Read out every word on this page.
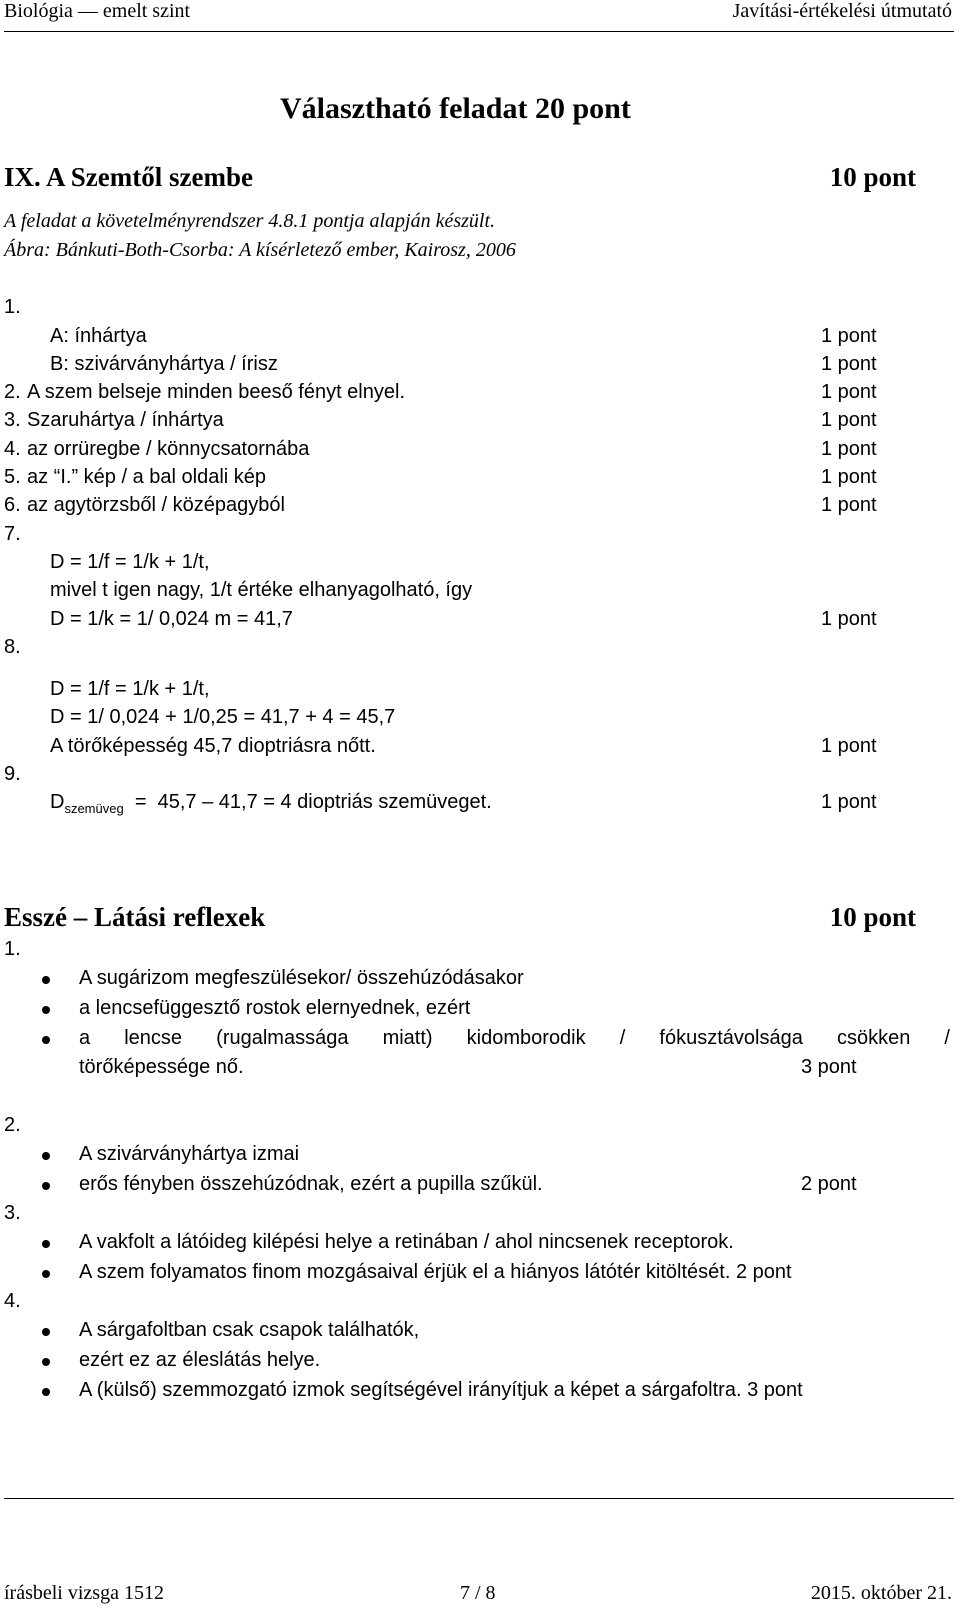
Biológia — emelt szint	Javítási-értékelési útmutató
Választható feladat 20 pont
IX. A Szemtől szembe	10 pont
A feladat a követelményrendszer 4.8.1 pontja alapján készült.
Ábra: Bánkuti-Both-Csorba: A kísérletező ember, Kairosz, 2006
1.
A: ínhártya	1 pont
B: szivárványhártya / írisz	1 pont
2. A szem belseje minden beeső fényt elnyel.	1 pont
3. Szaruhártya / ínhártya	1 pont
4. az orrüregbe / könnycsatornába	1 pont
5. az “I.” kép / a bal oldali kép	1 pont
6. az agytörzsből / középagyból	1 pont
7.
D = 1/f = 1/k + 1/t,
mivel t igen nagy, 1/t értéke elhanyagolható, így
D = 1/k = 1/ 0,024 m = 41,7	1 pont
8.
D = 1/f = 1/k + 1/t,
D = 1/ 0,024 + 1/0,25 = 41,7 + 4 = 45,7
A törőképesség 45,7 dioptriásra nőtt.	1 pont
9.
$D_{szemüveg} = 45,7 - 41,7 = 4$ dioptriás szemüveget.	1 pont
Esszé – Látási reflexek	10 pont
1.
A sugárizom megfeszülésekor/ összehúzódásakor
a lencsefüggesztő rostok elernyednek, ezért
a lencse (rugalmassága miatt) kidomborodik / fókusztávolsága csökken /
törőképessége nő.	3 pont
2.
A szivárványhártya izmai
erős fényben összehúzódnak, ezért a pupilla szűkül.	2 pont
3.
A vakfolt a látóideg kilépési helye a retinában / ahol nincsenek receptorok.
A szem folyamatos finom mozgásaival érjük el a hiányos látótér kitöltését. 2 pont
4.
A sárgafoltban csak csapok találhatók,
ezért ez az éleslátás helye.
A (külső) szemmozgató izmok segítségével irányítjuk a képet a sárgafoltra. 3 pont
írásbeli vizsga 1512	7 / 8	2015. október 21.
